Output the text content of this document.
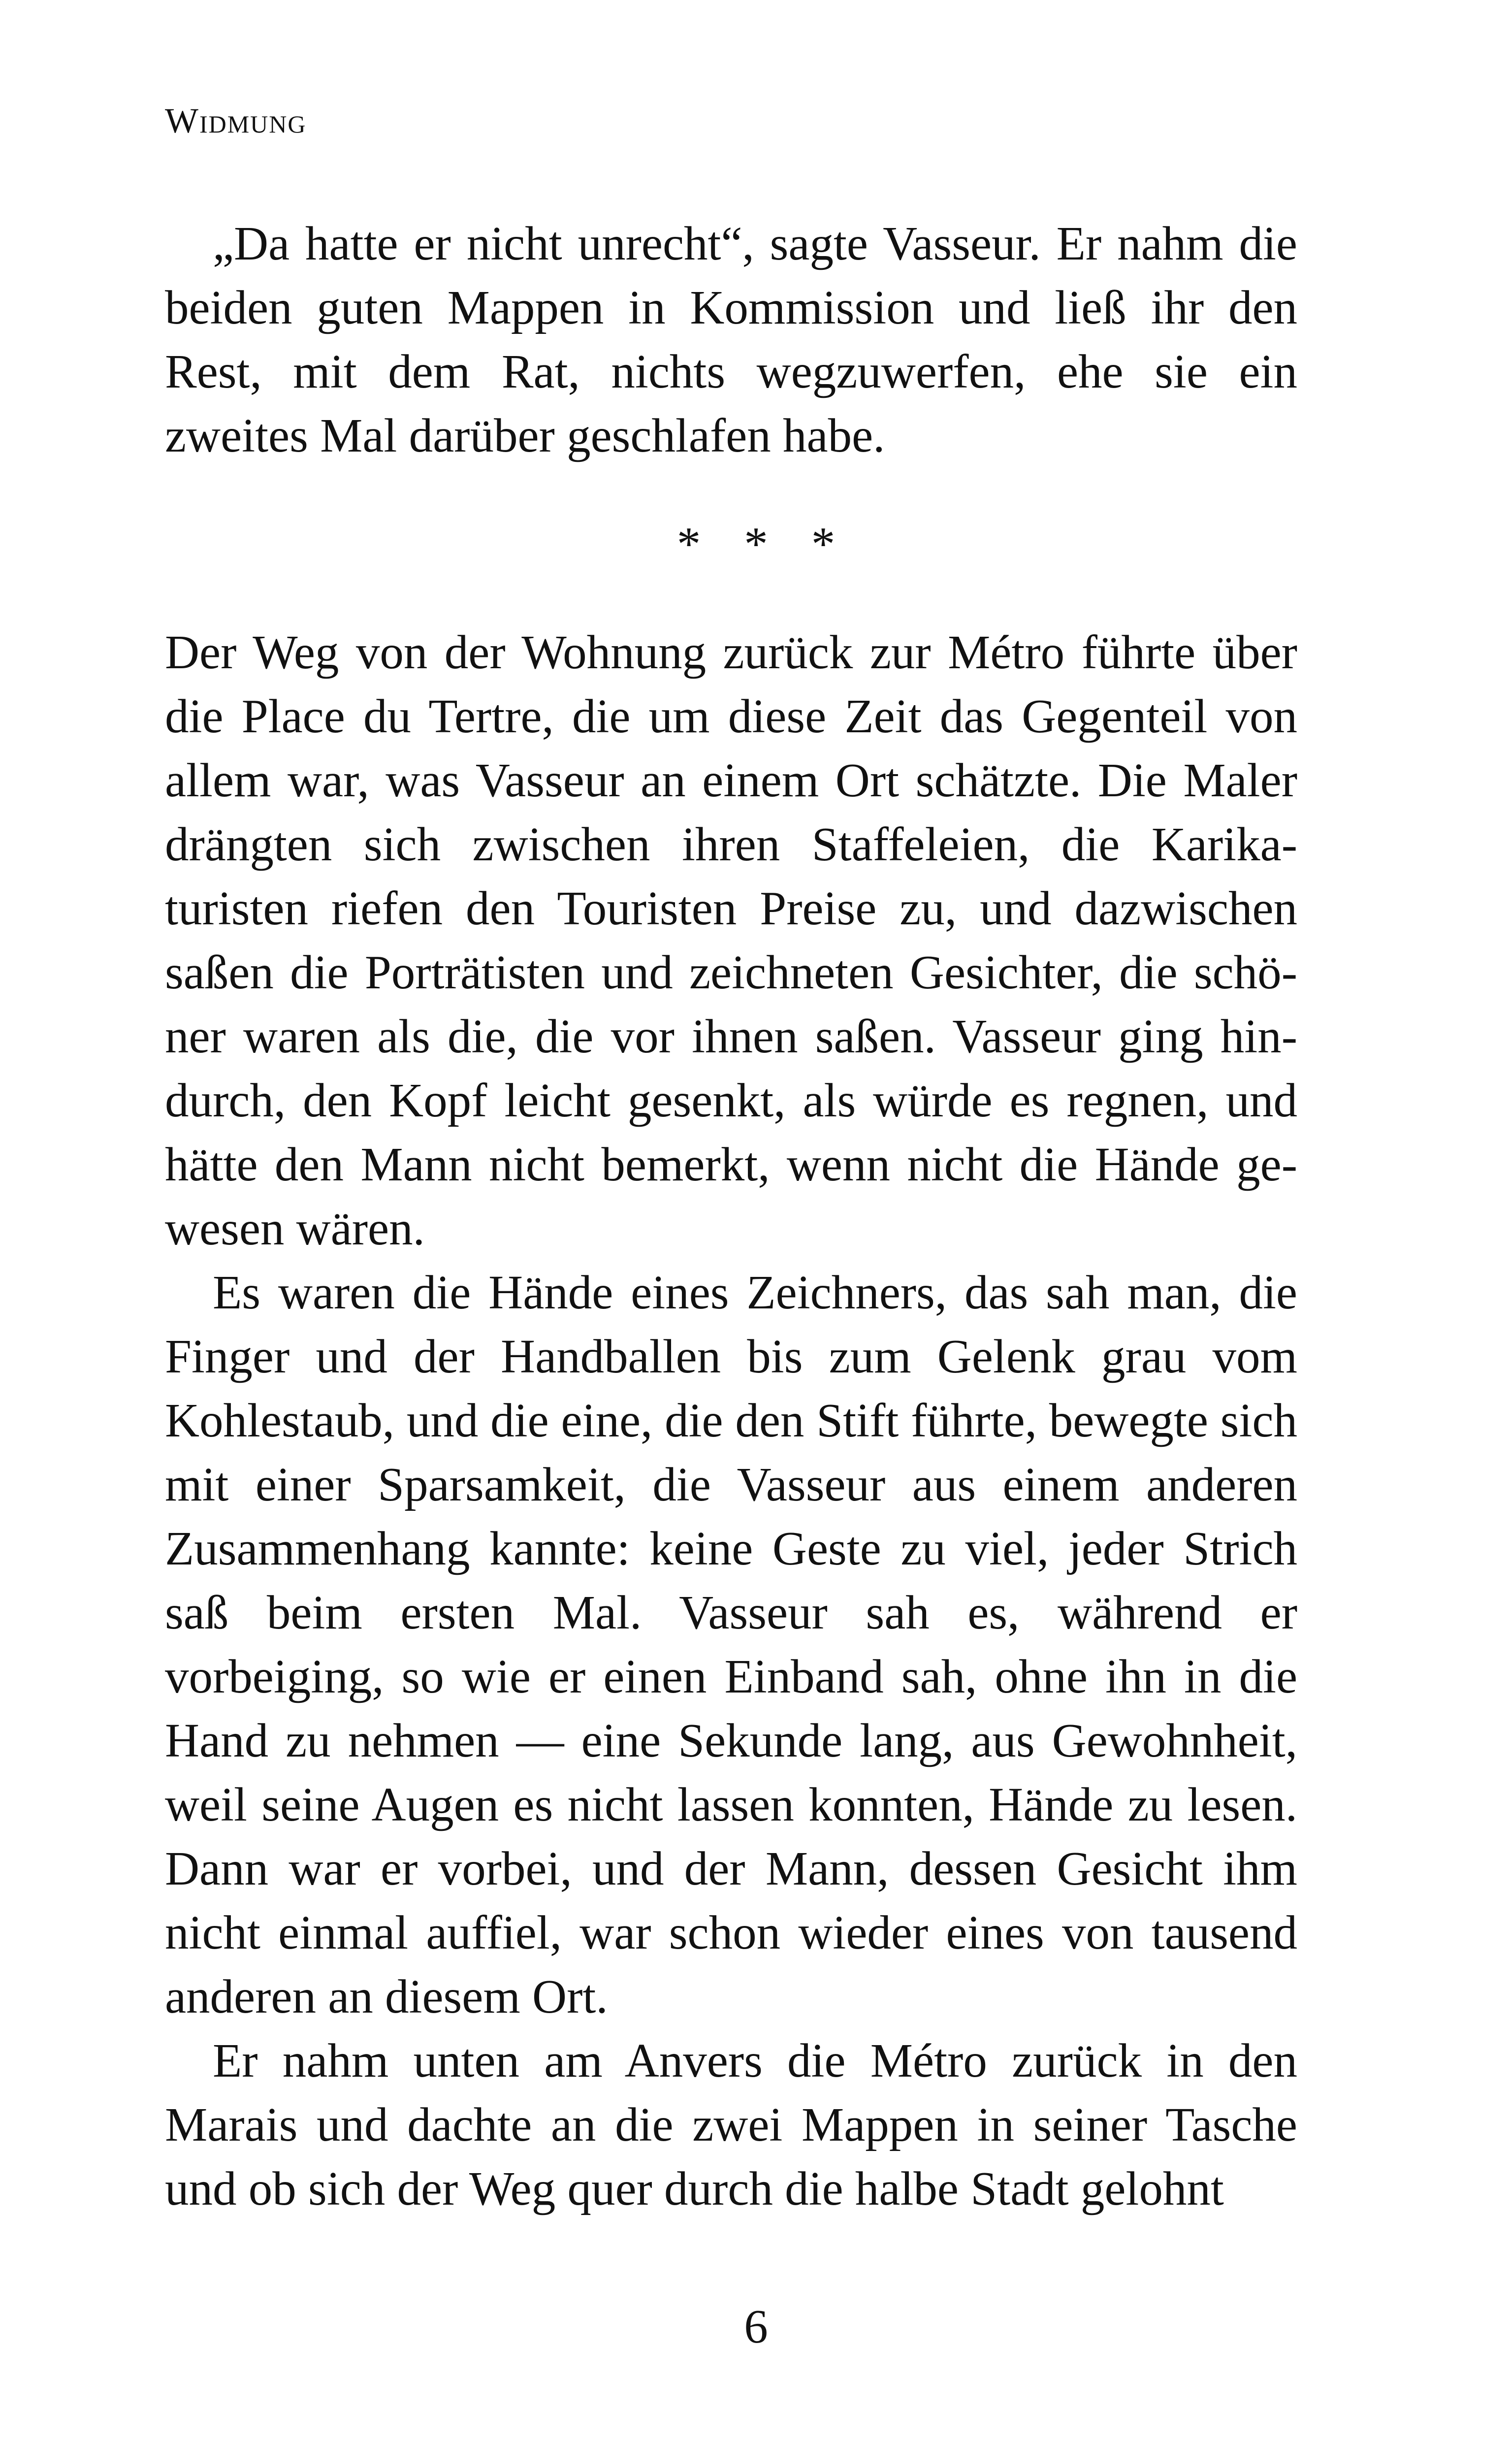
Widmung

„Da hatte er nicht unrecht“, sagte Vasseur. Er nahm die beiden guten Mappen in Kommission und ließ ihr den Rest, mit dem Rat, nichts wegzuwerfen, ehe sie ein zweites Mal darüber geschlafen habe.

* * *

Der Weg von der Wohnung zurück zur Métro führte über die Place du Tertre, die um diese Zeit das Gegenteil von allem war, was Vasseur an einem Ort schätzte. Die Maler drängten sich zwischen ihren Staffeleien, die Karikaturisten riefen den Touristen Preise zu, und dazwischen saßen die Porträtisten und zeichneten Gesichter, die schöner waren als die, die vor ihnen saßen. Vasseur ging hindurch, den Kopf leicht gesenkt, als würde es regnen, und hätte den Mann nicht bemerkt, wenn nicht die Hände gewesen wären.

Es waren die Hände eines Zeichners, das sah man, die Finger und der Handballen bis zum Gelenk grau vom Kohlestaub, und die eine, die den Stift führte, bewegte sich mit einer Sparsamkeit, die Vasseur aus einem anderen Zusammenhang kannte: keine Geste zu viel, jeder Strich saß beim ersten Mal. Vasseur sah es, während er vorbeiging, so wie er einen Einband sah, ohne ihn in die Hand zu nehmen — eine Sekunde lang, aus Gewohnheit, weil seine Augen es nicht lassen konnten, Hände zu lesen. Dann war er vorbei, und der Mann, dessen Gesicht ihm nicht einmal auffiel, war schon wieder eines von tausend anderen an diesem Ort.

Er nahm unten am Anvers die Métro zurück in den Marais und dachte an die zwei Mappen in seiner Tasche und ob sich der Weg quer durch die halbe Stadt gelohnt

6
